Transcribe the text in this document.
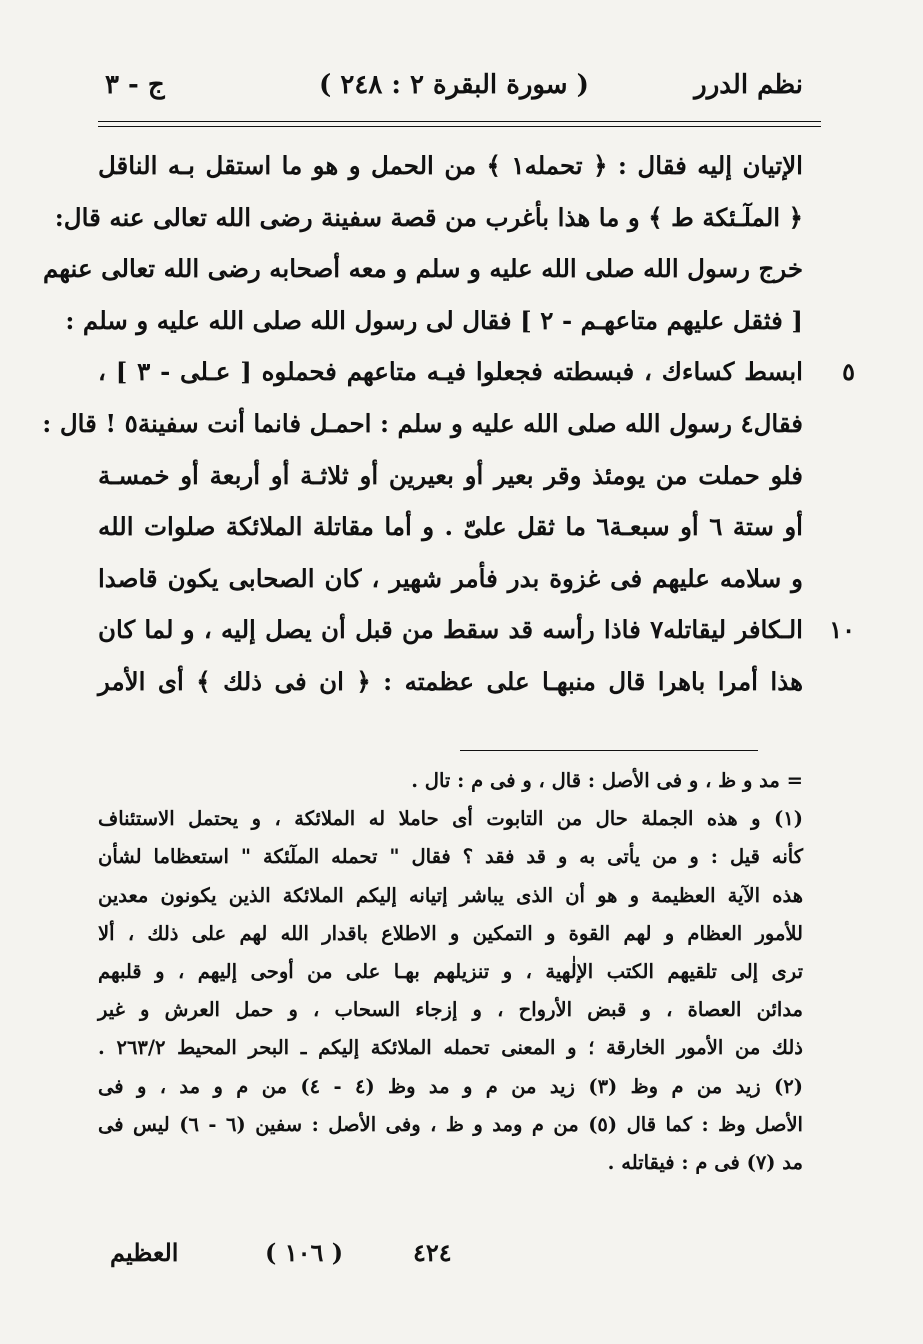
نظم الدرر
( سورة البقرة ٢ : ٢٤٨ )
ج - ٣
الإتيان إليه فقال : ﴿ تحمله١ ﴾ من الحمل و هو ما استقل بـه الناقل
﴿ الملٓـئكة ط ﴾ و ما هذا بأغرب من قصة سفينة رضى الله تعالى عنه قال:
خرج رسول الله صلى الله عليه و سلم و معه أصحابه رضى الله تعالى عنهم
[ فثقل عليهم متاعهـم - ٢ ] فقال لى رسول الله صلى الله عليه و سلم :
٥
ابسط كساءك ، فبسطته فجعلوا فيـه متاعهم فحملوه [ عـلى - ٣ ] ،
فقال٤ رسول الله صلى الله عليه و سلم : احمـل فانما أنت سفينة٥ ! قال :
فلو حملت من يومئذ وقر بعير أو بعيرين أو ثلاثـة أو أربعة أو خمسـة
أو ستة ٦ أو سبعـة٦ ما ثقل علىّ . و أما مقاتلة الملائكة صلوات الله
و سلامه عليهم فى غزوة بدر فأمر شهير ، كان الصحابى يكون قاصدا
١٠
الـكافر ليقاتله٧ فاذا رأسه قد سقط من قبل أن يصل إليه ، و لما كان
هذا أمرا باهرا قال منبهـا على عظمته : ﴿ ان فى ذلك ﴾ أى الأمر
= مد و ظ ، و فى الأصل : قال ، و فى م : تال .
(١) و هذه الجملة حال من التابوت أى حاملا له الملائكة ، و يحتمل الاستئناف
كأنه قيل : و من يأتى به و قد فقد ؟ فقال " تحمله الملٓئكة " استعظاما لشأن
هذه الآية العظيمة و هو أن الذى يباشر إتيانه إليكم الملائكة الذين يكونون معدين
للأمور العظام و لهم القوة و التمكين و الاطلاع باقدار الله لهم على ذلك ، ألا
ترى إلى تلقيهم الكتب الإلٰهية ، و تنزيلهم بهـا على من أوحى إليهم ، و قلبهم
مدائن العصاة ، و قبض الأرواح ، و إزجاء السحاب ، و حمل العرش و غير
ذلك من الأمور الخارقة ؛ و المعنى تحمله الملائكة إليكم ـ البحر المحيط ٢٦٣/٢ .
(٢) زيد من م وظ (٣) زيد من م و مد وظ (٤ - ٤) من م و مد ، و فى
الأصل وظ : كما قال (٥) من م ومد و ظ ، وفى الأصل : سفين (٦ - ٦) ليس فى
مد (٧) فى م : فيقاتله .
٤٢٤
( ١٠٦ )
العظيم
